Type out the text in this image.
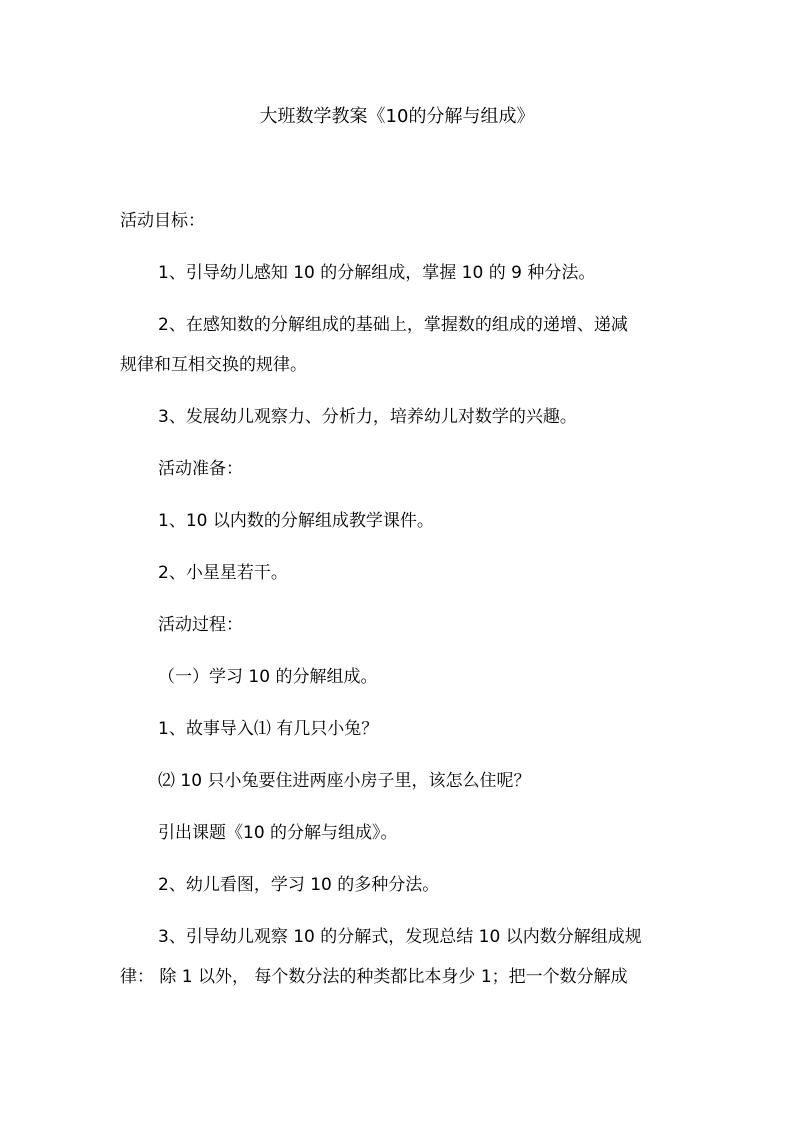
大班数学教案《10的分解与组成》
活动目标：
1、引导幼儿感知 10 的分解组成，掌握 10 的 9 种分法。
2、在感知数的分解组成的基础上，掌握数的组成的递增、递减
规律和互相交换的规律。
3、发展幼儿观察力、分析力，培养幼儿对数学的兴趣。
活动准备：
1、10 以内数的分解组成教学课件。
2、小星星若干。
活动过程：
（一）学习 10 的分解组成。
1、故事导入⑴ 有几只小兔？
⑵ 10 只小兔要住进两座小房子里，该怎么住呢？
引出课题《10 的分解与组成》。
2、幼儿看图，学习 10 的多种分法。
3、引导幼儿观察 10 的分解式，发现总结 10 以内数分解组成规
律： 除 1 以外， 每个数分法的种类都比本身少 1；把一个数分解成
